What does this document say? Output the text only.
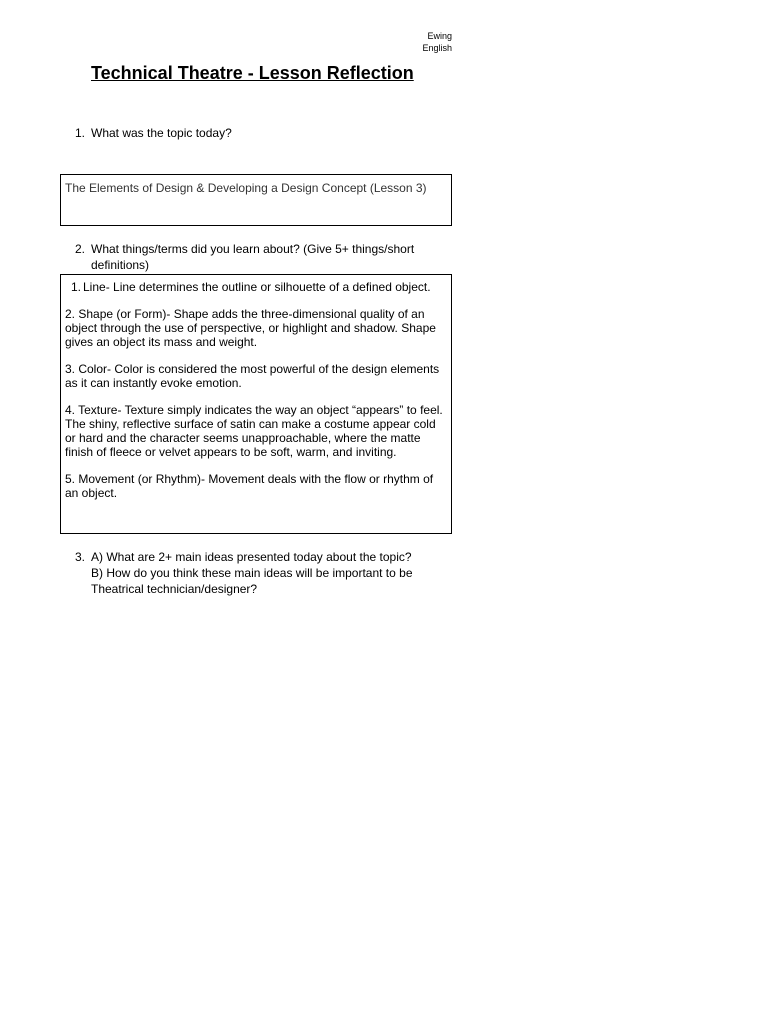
Ewing
English
Technical Theatre - Lesson Reflection
1. What was the topic today?
The Elements of Design & Developing a Design Concept (Lesson 3)
2. What things/terms did you learn about? (Give 5+ things/short definitions)
1. Line- Line determines the outline or silhouette of a defined object.
2. Shape (or Form)- Shape adds the three-dimensional quality of an object through the use of perspective, or highlight and shadow. Shape gives an object its mass and weight.
3. Color- Color is considered the most powerful of the design elements as it can instantly evoke emotion.
4. Texture- Texture simply indicates the way an object “appears” to feel. The shiny, reflective surface of satin can make a costume appear cold or hard and the character seems unapproachable, where the matte finish of fleece or velvet appears to be soft, warm, and inviting.
5. Movement (or Rhythm)- Movement deals with the flow or rhythm of an object.
3. A) What are 2+ main ideas presented today about the topic?
B) How do you think these main ideas will be important to be Theatrical technician/designer?
